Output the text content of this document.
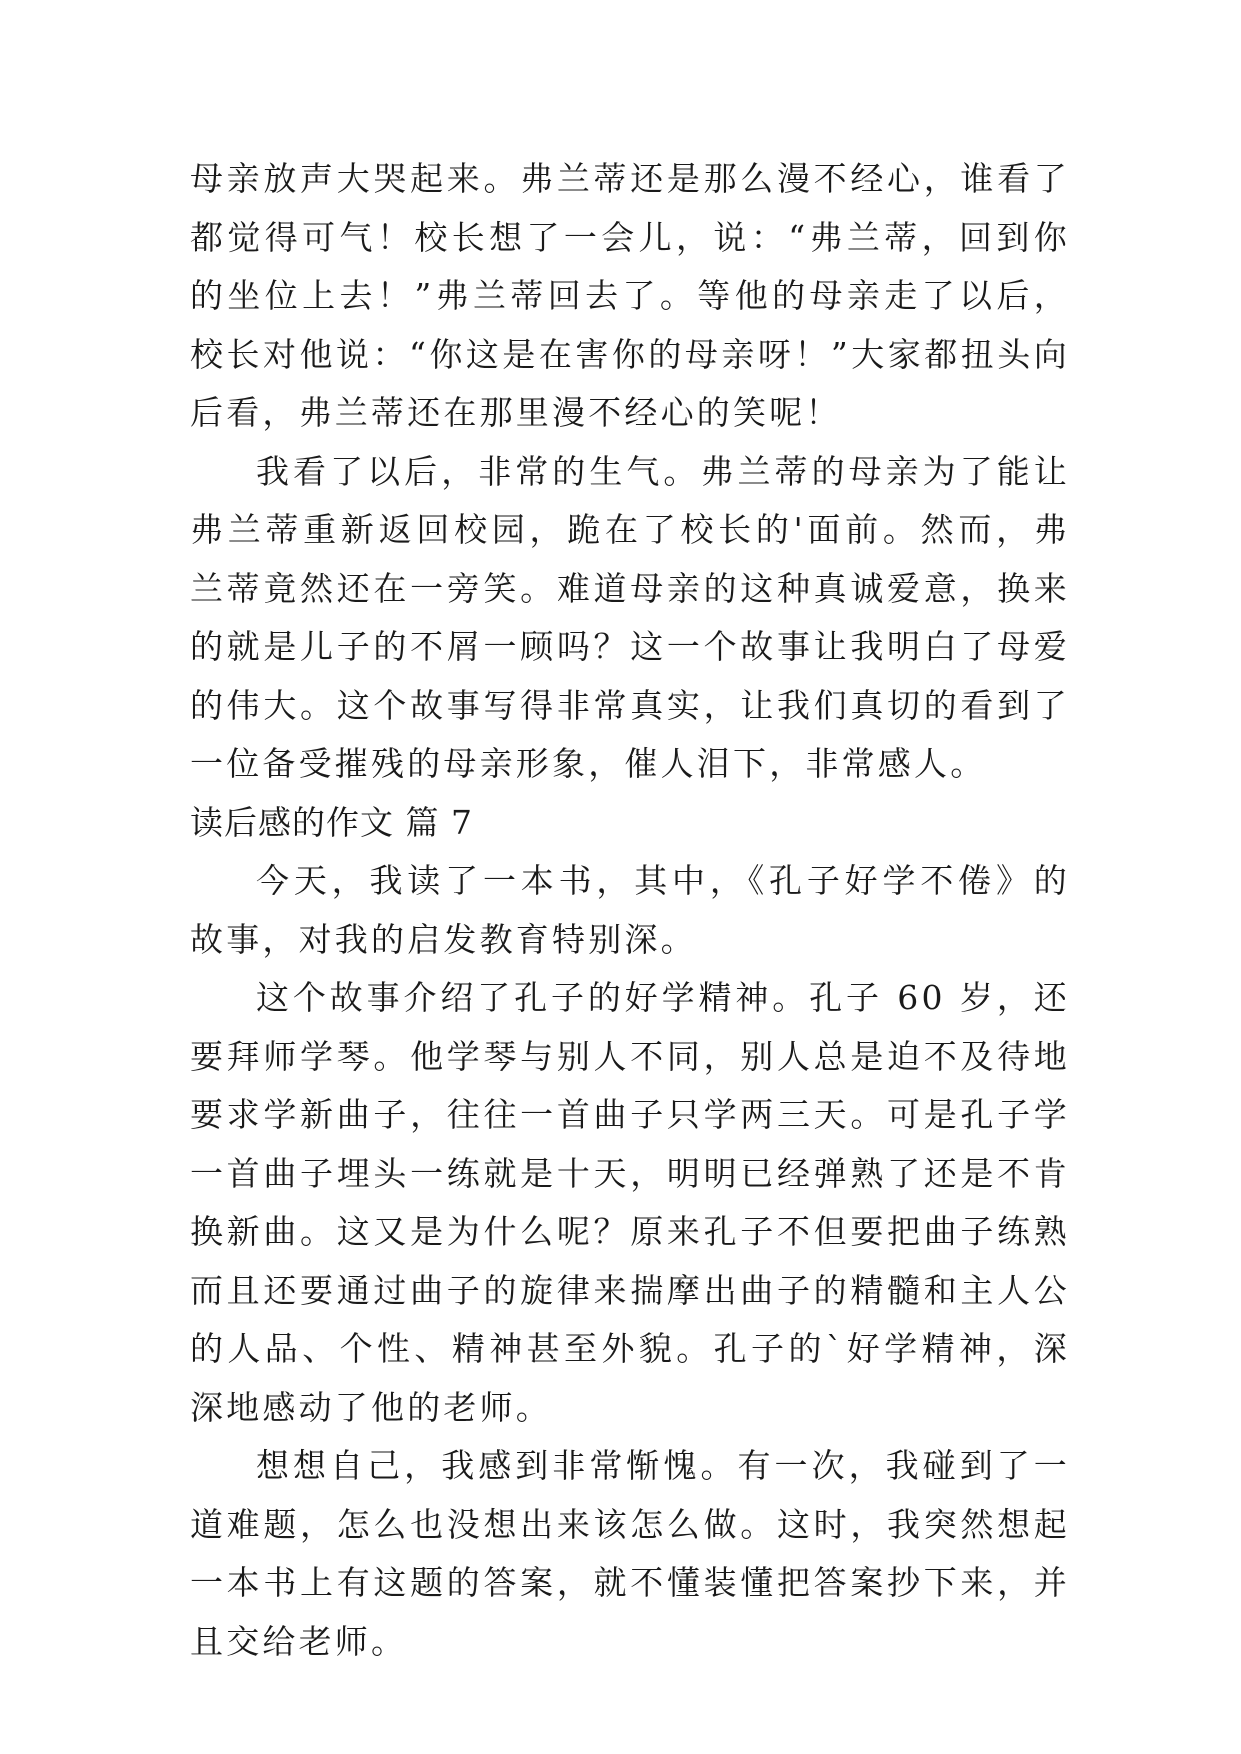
母亲放声大哭起来。弗兰蒂还是那么漫不经心，谁看了都觉得可气！校长想了一会儿，说：“弗兰蒂，回到你的坐位上去！”弗兰蒂回去了。等他的母亲走了以后，校长对他说：“你这是在害你的母亲呀！”大家都扭头向后看，弗兰蒂还在那里漫不经心的笑呢！

我看了以后，非常的生气。弗兰蒂的母亲为了能让弗兰蒂重新返回校园，跪在了校长的'面前。然而，弗兰蒂竟然还在一旁笑。难道母亲的这种真诚爱意，换来的就是儿子的不屑一顾吗？这一个故事让我明白了母爱的伟大。这个故事写得非常真实，让我们真切的看到了一位备受摧残的母亲形象，催人泪下，非常感人。

读后感的作文 篇 7

今天，我读了一本书，其中，《孔子好学不倦》的故事，对我的启发教育特别深。

这个故事介绍了孔子的好学精神。孔子 60 岁，还要拜师学琴。他学琴与别人不同，别人总是迫不及待地要求学新曲子，往往一首曲子只学两三天。可是孔子学一首曲子埋头一练就是十天，明明已经弹熟了还是不肯换新曲。这又是为什么呢？原来孔子不但要把曲子练熟而且还要通过曲子的旋律来揣摩出曲子的精髓和主人公的人品、个性、精神甚至外貌。孔子的`好学精神，深深地感动了他的老师。

想想自己，我感到非常惭愧。有一次，我碰到了一道难题，怎么也没想出来该怎么做。这时，我突然想起一本书上有这题的答案，就不懂装懂把答案抄下来，并且交给老师。
